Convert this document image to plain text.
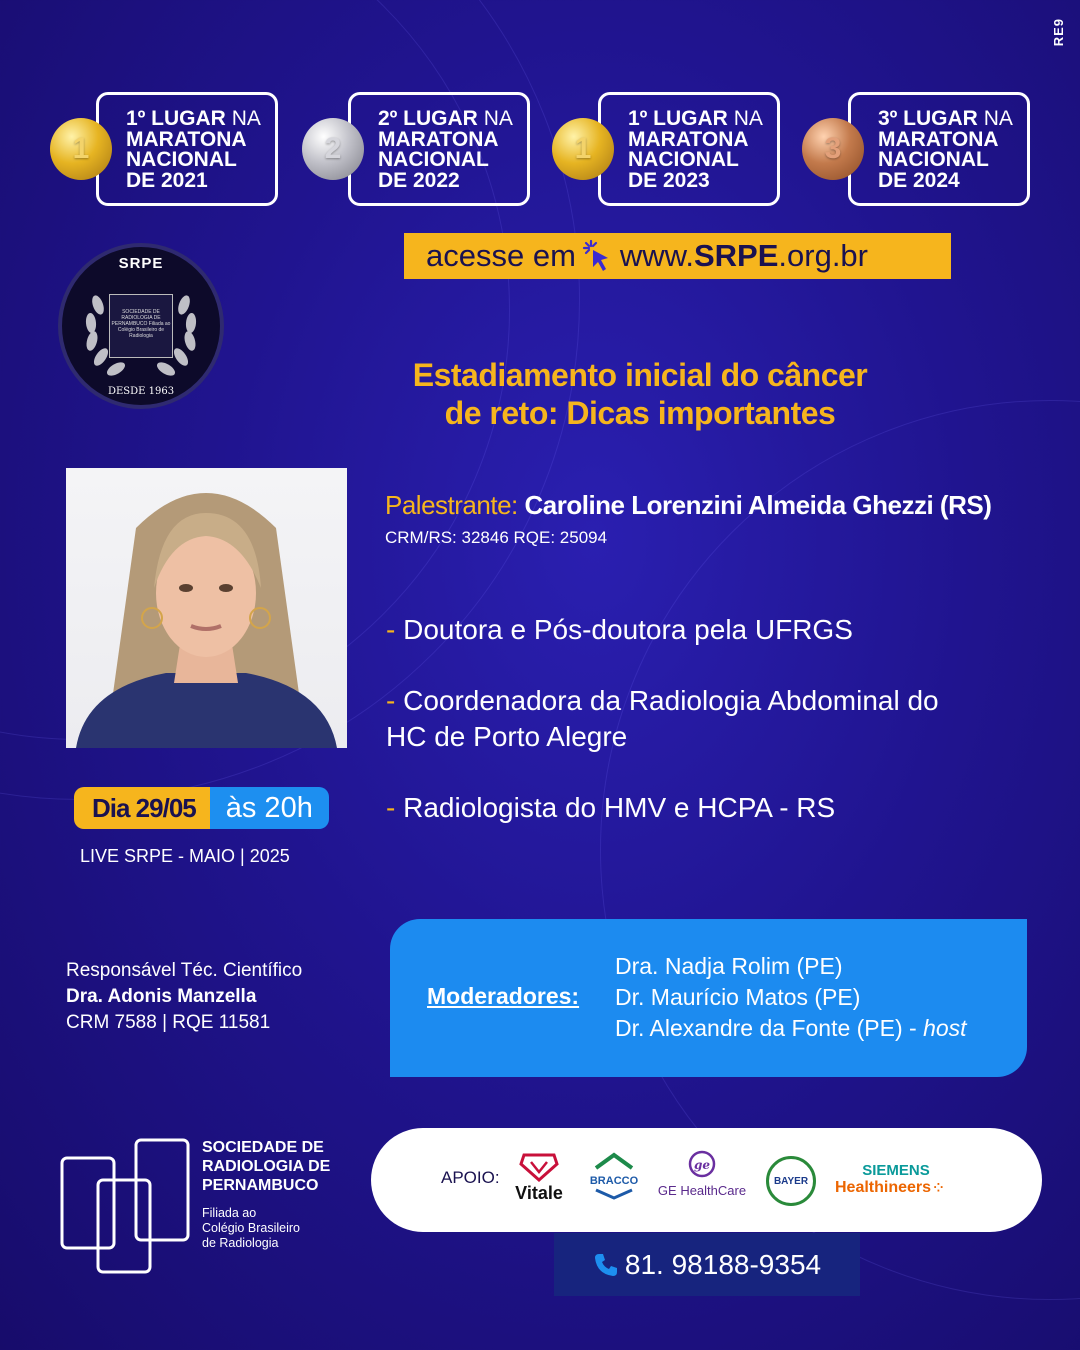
RE9
1º LUGAR NA
MARATONA
NACIONAL
DE 2021
1
2º LUGAR NA
MARATONA
NACIONAL
DE 2022
2
1º LUGAR NA
MARATONA
NACIONAL
DE 2023
1
3º LUGAR NA
MARATONA
NACIONAL
DE 2024
3
acesse em www.SRPE.org.br
SRPE
SOCIEDADE DE RADIOLOGIA DE PERNAMBUCO Filiada ao Colégio Brasileiro de Radiologia
DESDE 1963	Estadiamento inicial do câncer
de reto: Dicas importantes
Palestrante: Caroline Lorenzini Almeida Ghezzi (RS)
CRM/RS: 32846 RQE: 25094
- Doutora e Pós-doutora pela UFRGS
- Coordenadora da Radiologia Abdominal do HC de Porto Alegre
- Radiologista do HMV e HCPA - RS
Dia 29/05	às 20h
LIVE SRPE - MAIO | 2025
Responsável Téc. Científico
Dra. Adonis Manzella
CRM 7588 | RQE 11581
Moderadores:
Dra. Nadja Rolim (PE)
Dr. Maurício Matos (PE)
Dr. Alexandre da Fonte (PE) - host
SOCIEDADE DE
RADIOLOGIA DE
PERNAMBUCO
Filiada ao
Colégio Brasileiro
de Radiologia
APOIO:
Vitale
BRACCO
ge
GE HealthCare
BAYER
SIEMENS
Healthineers ⁘
81.
98188-9354
